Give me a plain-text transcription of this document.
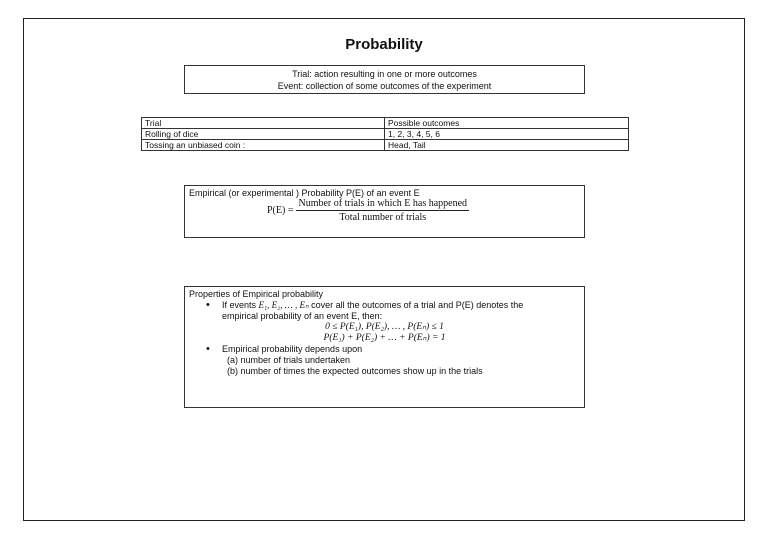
Probability
Trial: action resulting in one or more outcomes
Event: collection of some outcomes of the experiment
Trial	Possible outcomes
Rolling of dice	1, 2, 3, 4, 5, 6
Tossing an unbiased coin :	Head, Tail
Empirical (or experimental ) Probability P(E) of an event E
$P(E) = \frac{\text{Number of trials in which E has happened}}{\text{Total number of trials}}$
Properties of Empirical probability
• If events E₁, E₂, … , Eₙ cover all the outcomes of a trial and P(E) denotes the
empirical probability of an event E, then:
0 ≤ P(E₁), P(E₂), … , P(Eₙ) ≤ 1
P(E₁) + P(E₂) + … + P(Eₙ) = 1
• Empirical probability depends upon
(a) number of trials undertaken
(b) number of times the expected outcomes show up in the trials
